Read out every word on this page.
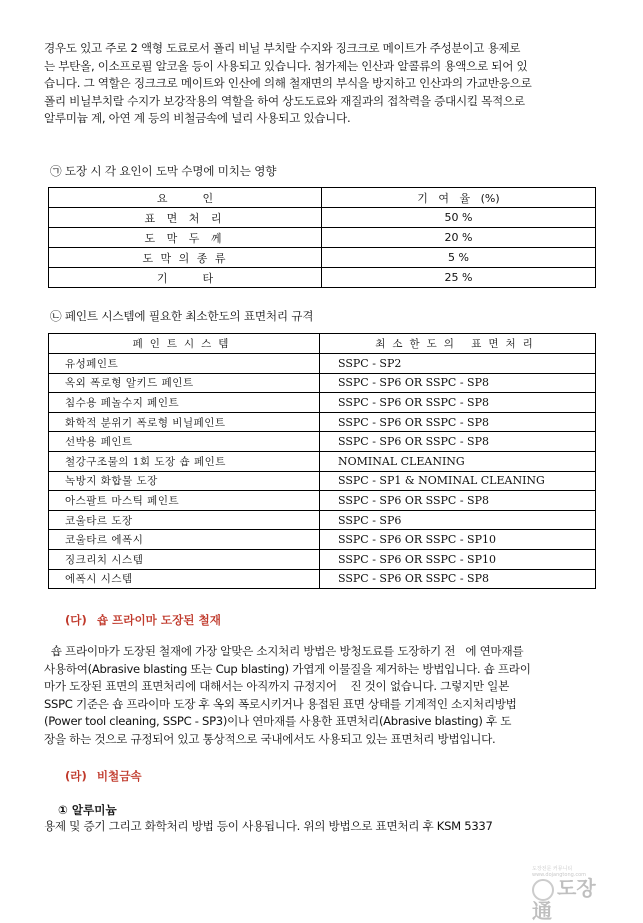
경우도 있고 주로 2 액형 도료로서 폴리 비닐 부치랄 수지와 징크크로 메이트가 주성분이고 용제로
는 부탄올, 이소프로필 알코올 등이 사용되고 있습니다. 첨가제는 인산과 알콜류의 용액으로 되어 있
습니다. 그 역할은 징크크로 메이트와 인산에 의해 철재면의 부식을 방지하고 인산과의 가교반응으로
폴리 비닐부치랄 수지가 보강작용의 역할을 하여 상도도료와 재질과의 접착력을 증대시킬 목적으로
알루미늄 계, 아연 계 등의 비철금속에 널리 사용되고 있습니다.

㉠ 도장 시 각 요인이 도막 수명에 미치는 영향
요          인	기   여   율   (%)
표 면 처 리	50 %
도 막 두 께	20 %
도 막 의 종 류	5 %
기          타	25 %
㉡ 페인트 시스템에 필요한 최소한도의 표면처리 규격
페인트시스템	최소한도의 표면처리
유성페인트	SSPC - SP2
옥외 폭로형 알키드 페인트	SSPC - SP6 OR SSPC - SP8
침수용 페놀수지 페인트	SSPC - SP6 OR SSPC - SP8
화학적 분위기 폭로형 비닐페인트	SSPC - SP6 OR SSPC - SP8
선박용 페인트	SSPC - SP6 OR SSPC - SP8
철강구조물의 1회 도장 숍 페인트	NOMINAL CLEANING
녹방지 화합물 도장	SSPC - SP1 & NOMINAL CLEANING
아스팔트 마스틱 페인트	SSPC - SP6 OR SSPC - SP8
코울타르 도장	SSPC - SP6
코울타르 에폭시	SSPC - SP6 OR SSPC - SP10
징크리치 시스템	SSPC - SP6 OR SSPC - SP10
에폭시 시스템	SSPC - SP6 OR SSPC - SP8
(다) 숍 프라이마 도장된 철재

숍 프라이마가 도장된 철재에 가장 알맞은 소지처리 방법은 방청도료를 도장하기 전   에 연마재를
사용하여(Abrasive blasting 또는 Cup blasting) 가엽게 이물질을 제거하는 방법입니다. 숍 프라이
마가 도장된 표면의 표면처리에 대해서는 아직까지 규정지어    진 것이 없습니다. 그렇지만 일본
SSPC 기준은 숍 프라이마 도장 후 옥외 폭로시키거나 용접된 표면 상태를 기계적인 소지처리방법
(Power tool cleaning, SSPC - SP3)이나 연마재를 사용한 표면처리(Abrasive blasting) 후 도
장을 하는 것으로 규정되어 있고 통상적으로 국내에서도 사용되고 있는 표면처리 방법입니다.

(라) 비철금속
① 알루미늄

용제 및 증기 그리고 화학처리 방법 등이 사용됩니다. 위의 방법으로 표면처리 후 KSM 5337

도장전문 커뮤니티 www.dojangtong.com
도장通
